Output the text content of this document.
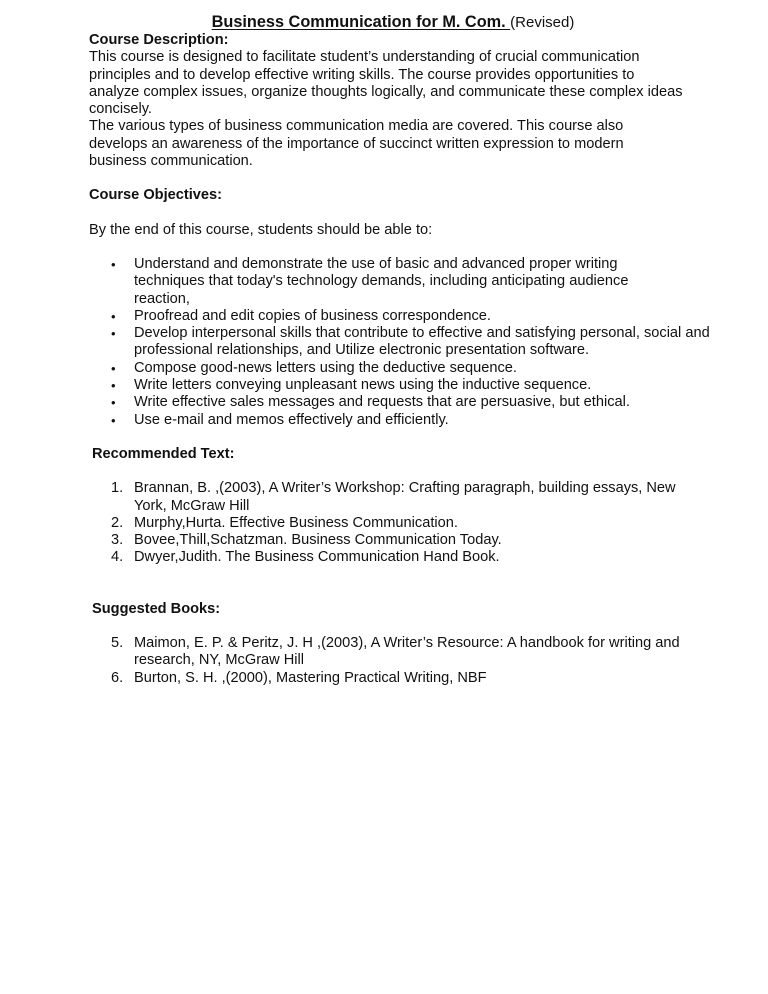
Business Communication for M. Com. (Revised)

Course Description:

This course is designed to facilitate student’s understanding of crucial communication principles and to develop effective writing skills. The course provides opportunities to analyze complex issues, organize thoughts logically, and communicate these complex ideas concisely.

The various types of business communication media are covered. This course also develops an awareness of the importance of succinct written expression to modern business communication.

Course Objectives:

By the end of this course, students should be able to:

• Understand and demonstrate the use of basic and advanced proper writing techniques that today's technology demands, including anticipating audience reaction,
• Proofread and edit copies of business correspondence.
• Develop interpersonal skills that contribute to effective and satisfying personal, social and professional relationships, and Utilize electronic presentation software.
• Compose good-news letters using the deductive sequence.
• Write letters conveying unpleasant news using the inductive sequence.
• Write effective sales messages and requests that are persuasive, but ethical.
• Use e-mail and memos effectively and efficiently.

Recommended Text:

1. Brannan, B. ,(2003), A Writer’s Workshop: Crafting paragraph, building essays, New York, McGraw Hill
2. Murphy,Hurta. Effective Business Communication.
3. Bovee,Thill,Schatzman. Business Communication Today.
4. Dwyer,Judith. The Business Communication Hand Book.

Suggested Books:

5. Maimon, E. P. & Peritz, J. H ,(2003), A Writer’s Resource: A handbook for writing and research, NY, McGraw Hill
6. Burton, S. H. ,(2000), Mastering Practical Writing, NBF
